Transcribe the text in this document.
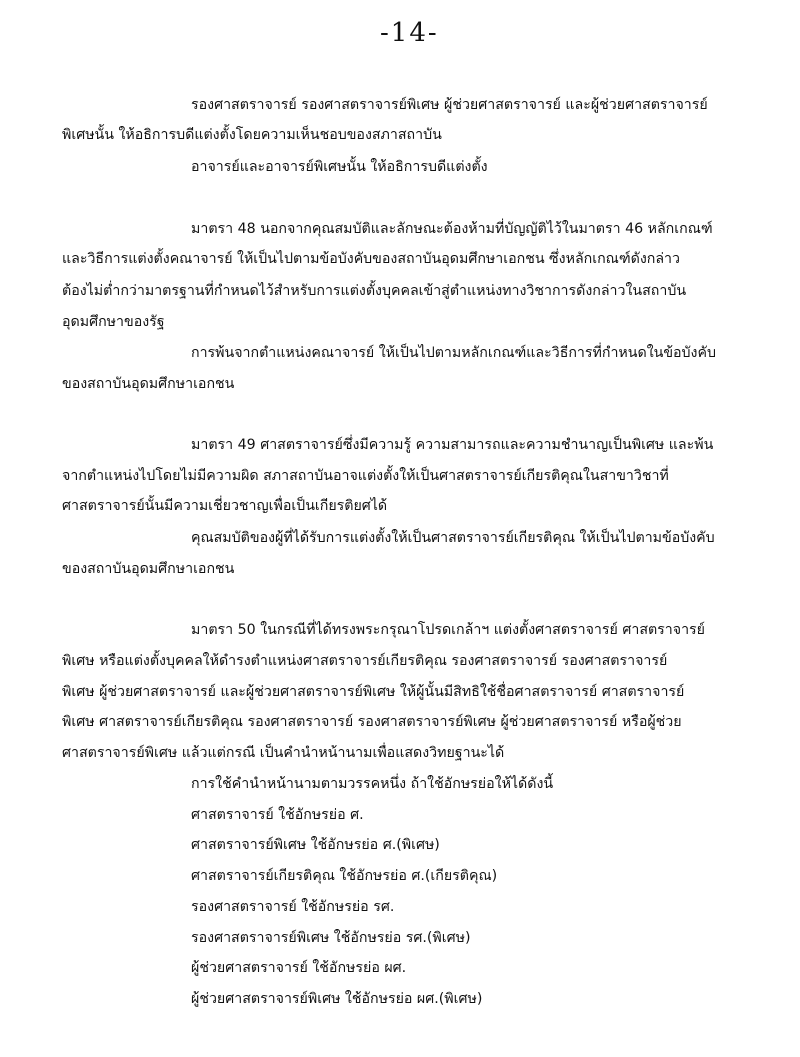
-14-
รองศาสตราจารย์ รองศาสตราจารย์พิเศษ ผู้ช่วยศาสตราจารย์ และผู้ช่วยศาสตราจารย์
พิเศษนั้น ให้อธิการบดีแต่งตั้งโดยความเห็นชอบของสภาสถาบัน
อาจารย์และอาจารย์พิเศษนั้น ให้อธิการบดีแต่งตั้ง
มาตรา 48 นอกจากคุณสมบัติและลักษณะต้องห้ามที่บัญญัติไว้ในมาตรา 46 หลักเกณฑ์
และวิธีการแต่งตั้งคณาจารย์ ให้เป็นไปตามข้อบังคับของสถาบันอุดมศึกษาเอกชน ซึ่งหลักเกณฑ์ดังกล่าว
ต้องไม่ต่ำกว่ามาตรฐานที่กำหนดไว้สำหรับการแต่งตั้งบุคคลเข้าสู่ตำแหน่งทางวิชาการดังกล่าวในสถาบัน
อุดมศึกษาของรัฐ
การพ้นจากตำแหน่งคณาจารย์ ให้เป็นไปตามหลักเกณฑ์และวิธีการที่กำหนดในข้อบังคับ
ของสถาบันอุดมศึกษาเอกชน
มาตรา 49 ศาสตราจารย์ซึ่งมีความรู้ ความสามารถและความชำนาญเป็นพิเศษ และพ้น
จากตำแหน่งไปโดยไม่มีความผิด สภาสถาบันอาจแต่งตั้งให้เป็นศาสตราจารย์เกียรติคุณในสาขาวิชาที่
ศาสตราจารย์นั้นมีความเชี่ยวชาญเพื่อเป็นเกียรติยศได้
คุณสมบัติของผู้ที่ได้รับการแต่งตั้งให้เป็นศาสตราจารย์เกียรติคุณ ให้เป็นไปตามข้อบังคับ
ของสถาบันอุดมศึกษาเอกชน
มาตรา 50 ในกรณีที่ได้ทรงพระกรุณาโปรดเกล้าฯ แต่งตั้งศาสตราจารย์ ศาสตราจารย์
พิเศษ หรือแต่งตั้งบุคคลให้ดำรงตำแหน่งศาสตราจารย์เกียรติคุณ รองศาสตราจารย์ รองศาสตราจารย์
พิเศษ ผู้ช่วยศาสตราจารย์ และผู้ช่วยศาสตราจารย์พิเศษ ให้ผู้นั้นมีสิทธิใช้ชื่อศาสตราจารย์ ศาสตราจารย์
พิเศษ ศาสตราจารย์เกียรติคุณ รองศาสตราจารย์ รองศาสตราจารย์พิเศษ ผู้ช่วยศาสตราจารย์ หรือผู้ช่วย
ศาสตราจารย์พิเศษ แล้วแต่กรณี เป็นคำนำหน้านามเพื่อแสดงวิทยฐานะได้
การใช้คำนำหน้านามตามวรรคหนึ่ง ถ้าใช้อักษรย่อให้ได้ดังนี้
ศาสตราจารย์ ใช้อักษรย่อ ศ.
ศาสตราจารย์พิเศษ ใช้อักษรย่อ ศ.(พิเศษ)
ศาสตราจารย์เกียรติคุณ ใช้อักษรย่อ ศ.(เกียรติคุณ)
รองศาสตราจารย์ ใช้อักษรย่อ รศ.
รองศาสตราจารย์พิเศษ ใช้อักษรย่อ รศ.(พิเศษ)
ผู้ช่วยศาสตราจารย์ ใช้อักษรย่อ ผศ.
ผู้ช่วยศาสตราจารย์พิเศษ ใช้อักษรย่อ ผศ.(พิเศษ)
